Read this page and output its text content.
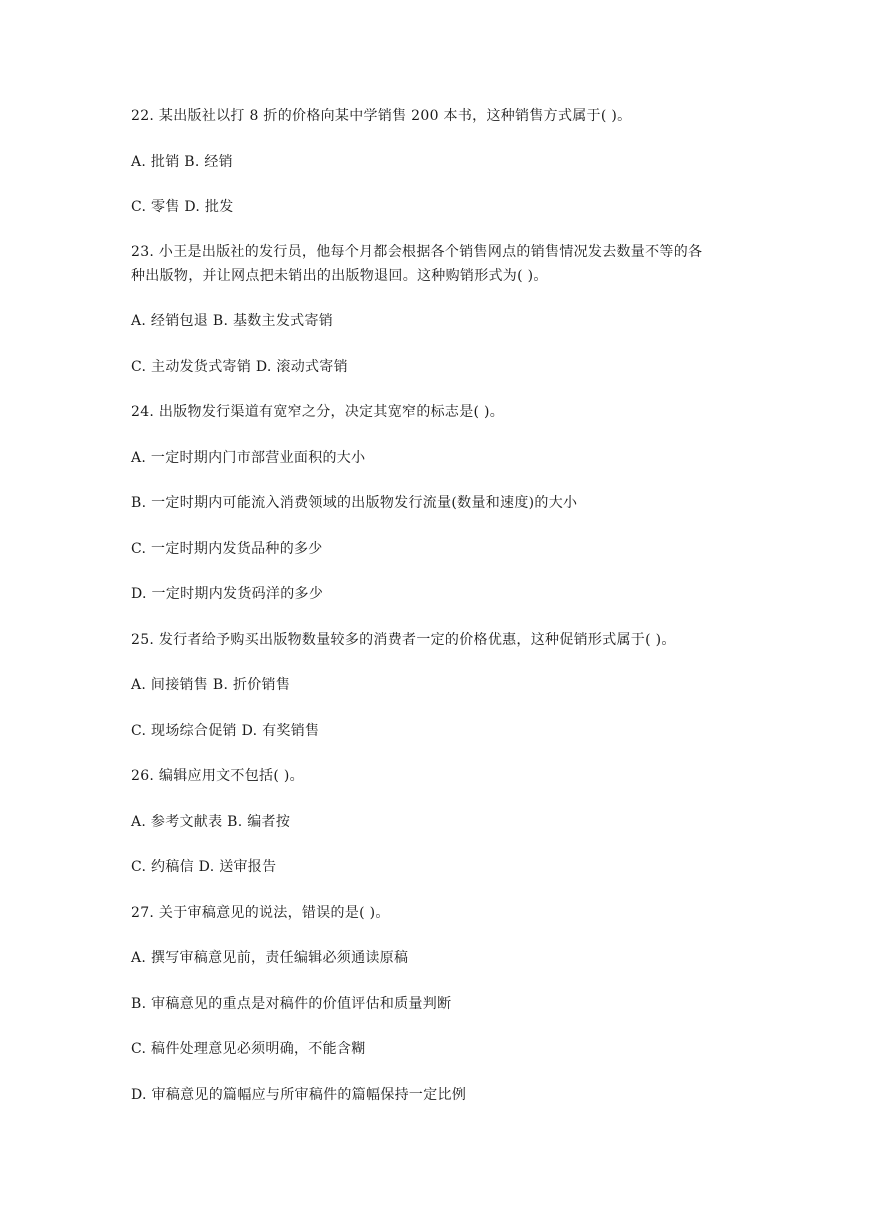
22. 某出版社以打 8 折的价格向某中学销售 200 本书，这种销售方式属于( )。

A. 批销 B. 经销

C. 零售 D. 批发

23. 小王是出版社的发行员，他每个月都会根据各个销售网点的销售情况发去数量不等的各

种出版物，并让网点把未销出的出版物退回。这种购销形式为( )。

A. 经销包退 B. 基数主发式寄销

C. 主动发货式寄销 D. 滚动式寄销

24. 出版物发行渠道有宽窄之分，决定其宽窄的标志是( )。

A. 一定时期内门市部营业面积的大小

B. 一定时期内可能流入消费领域的出版物发行流量(数量和速度)的大小

C. 一定时期内发货品种的多少

D. 一定时期内发货码洋的多少

25. 发行者给予购买出版物数量较多的消费者一定的价格优惠，这种促销形式属于( )。

A. 间接销售 B. 折价销售

C. 现场综合促销 D. 有奖销售

26. 编辑应用文不包括( )。

A. 参考文献表 B. 编者按

C. 约稿信 D. 送审报告

27. 关于审稿意见的说法，错误的是( )。

A. 撰写审稿意见前，责任编辑必须通读原稿

B. 审稿意见的重点是对稿件的价值评估和质量判断

C. 稿件处理意见必须明确，不能含糊

D. 审稿意见的篇幅应与所审稿件的篇幅保持一定比例
